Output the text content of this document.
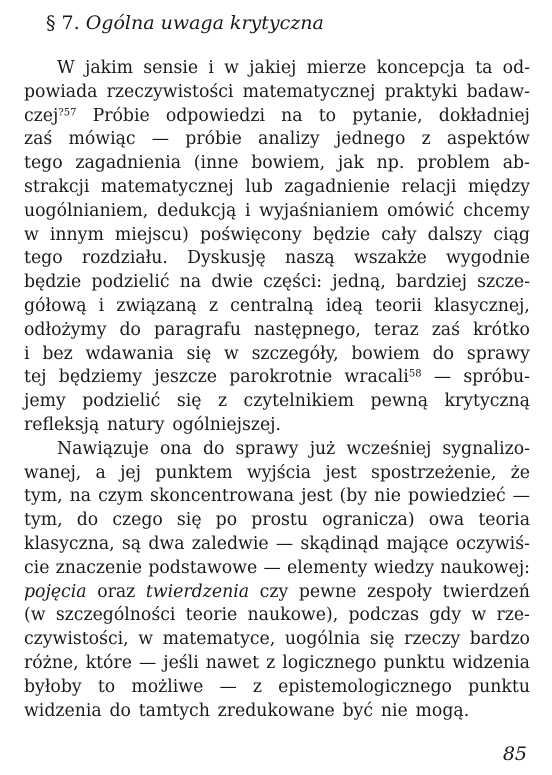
§ 7. Ogólna uwaga krytyczna
W jakim sensie i w jakiej mierze koncepcja ta od-
powiada rzeczywistości matematycznej praktyki badaw-
czej$^{?57}$ Próbie odpowiedzi na to pytanie, dokładniej
zaś mówiąc — próbie analizy jednego z aspektów
tego zagadnienia (inne bowiem, jak np. problem ab-
strakcji matematycznej lub zagadnienie relacji między
uogólnianiem, dedukcją i wyjaśnianiem omówić chcemy
w innym miejscu) poświęcony będzie cały dalszy ciąg
tego rozdziału. Dyskusję naszą wszakże wygodnie
będzie podzielić na dwie części: jedną, bardziej szcze-
gółową i związaną z centralną ideą teorii klasycznej,
odłożymy do paragrafu następnego, teraz zaś krótko
i bez wdawania się w szczegóły, bowiem do sprawy
tej będziemy jeszcze parokrotnie wracali$^{58}$ — spróbu-
jemy podzielić się z czytelnikiem pewną krytyczną
refleksją natury ogólniejszej.
Nawiązuje ona do sprawy już wcześniej sygnalizo-
wanej, a jej punktem wyjścia jest spostrzeżenie, że
tym, na czym skoncentrowana jest (by nie powiedzieć —
tym, do czego się po prostu ogranicza) owa teoria
klasyczna, są dwa zaledwie — skądinąd mające oczywiś-
cie znaczenie podstawowe — elementy wiedzy naukowej:
pojęcia oraz twierdzenia czy pewne zespoły twierdzeń
(w szczególności teorie naukowe), podczas gdy w rze-
czywistości, w matematyce, uogólnia się rzeczy bardzo
różne, które — jeśli nawet z logicznego punktu widzenia
byłoby to możliwe — z epistemologicznego punktu
widzenia do tamtych zredukowane być nie mogą.
85
